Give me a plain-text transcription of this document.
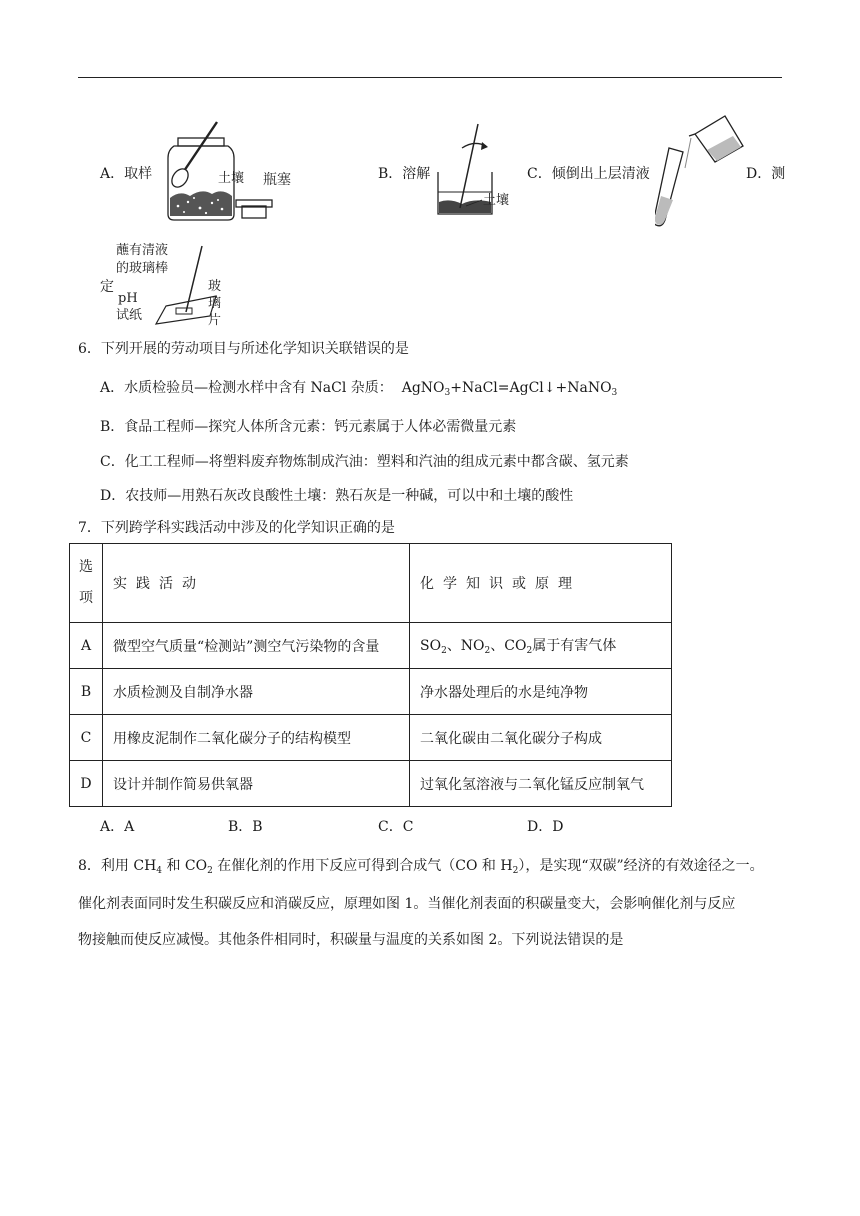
A．取样	土壤 瓶塞	B．溶解
土壤
C．倾倒出上层清液	D．测
定
蘸有清液
的玻璃棒
pH
试纸
玻
璃
片
6．下列开展的劳动项目与所述化学知识关联错误的是
A．水质检验员—检测水样中含有 NaCl 杂质： AgNO$_3$+NaCl=AgCl↓+NaNO$_3$
B．食品工程师—探究人体所含元素：钙元素属于人体必需微量元素
C．化工工程师—将塑料废弃物炼制成汽油：塑料和汽油的组成元素中都含碳、氢元素
D．农技师—用熟石灰改良酸性土壤：熟石灰是一种碱，可以中和土壤的酸性
7．下列跨学科实践活动中涉及的化学知识正确的是
选
项	实践活动	化学知识或原理
A	微型空气质量“检测站”测空气污染物的含量	$SO_2$、$NO_2$、$CO_2$属于有害气体
B	水质检测及自制净水器	净水器处理后的水是纯净物
C	用橡皮泥制作二氧化碳分子的结构模型	二氧化碳由二氧化碳分子构成
D	设计并制作简易供氧器	过氧化氢溶液与二氧化锰反应制氧气
A．A	B．B	C．C	D．D
8．利用 $CH_4$ 和 $CO_2$ 在催化剂的作用下反应可得到合成气（CO 和 $H_2$），是实现“双碳”经济的有效途径之一。
催化剂表面同时发生积碳反应和消碳反应，原理如图 1。当催化剂表面的积碳量变大，会影响催化剂与反应
物接触而使反应减慢。其他条件相同时，积碳量与温度的关系如图 2。下列说法错误的是
